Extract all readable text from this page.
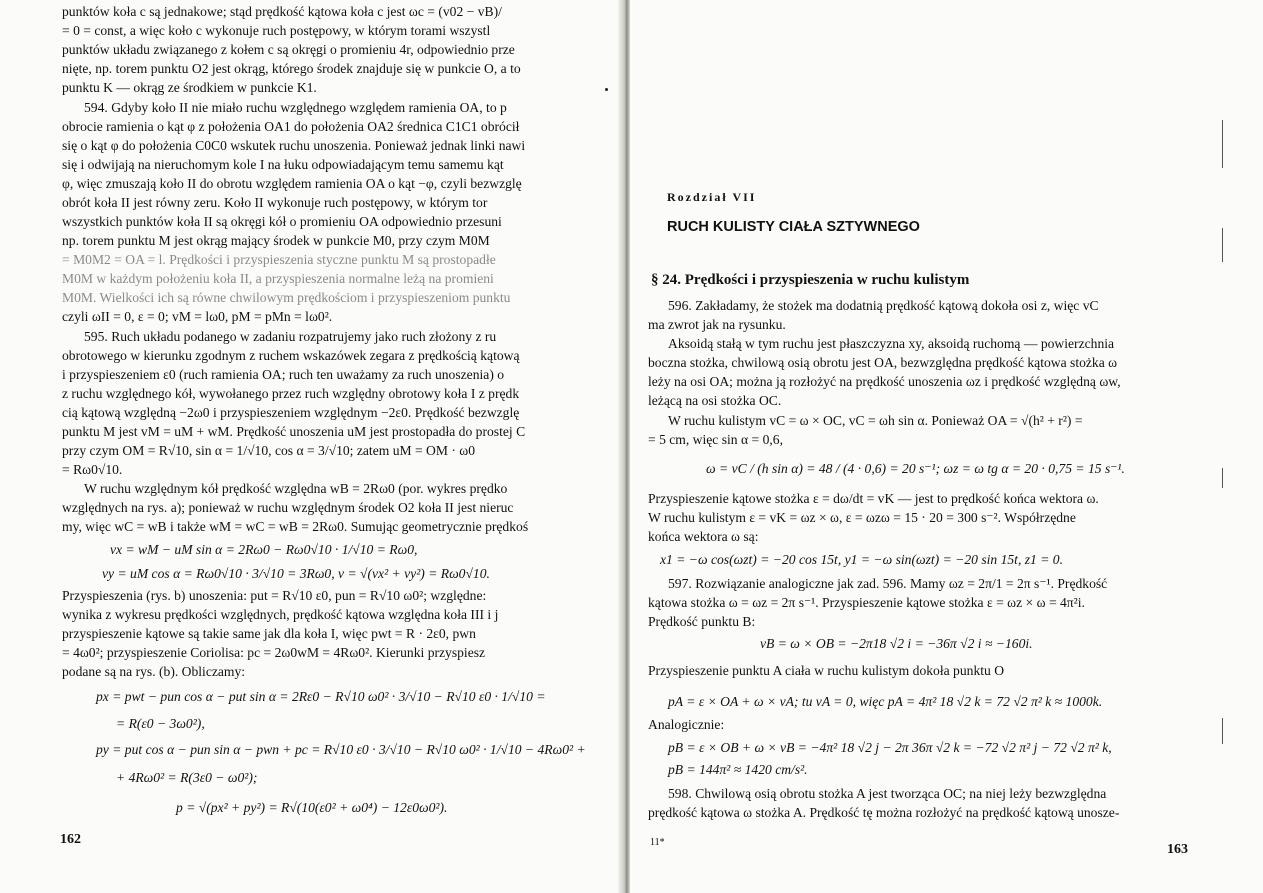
punktów koła c są jednakowe; stąd prędkość kątowa koła c jest ωc = (v02 − vB)/
= 0 = const, a więc koło c wykonuje ruch postępowy, w którym torami wszystl
punktów układu związanego z kołem c są okręgi o promieniu 4r, odpowiednio prze
nięte, np. torem punktu O2 jest okrąg, którego środek znajduje się w punkcie O, a to
punktu K — okrąg ze środkiem w punkcie K1.
594. Gdyby koło II nie miało ruchu względnego względem ramienia OA, to p
obrocie ramienia o kąt φ z położenia OA1 do położenia OA2 średnica C1C1 obrócił
się o kąt φ do położenia C0C0 wskutek ruchu unoszenia. Ponieważ jednak linki nawi
się i odwijają na nieruchomym kole I na łuku odpowiadającym temu samemu kąt
φ, więc zmuszają koło II do obrotu względem ramienia OA o kąt −φ, czyli bezwzglę
obrót koła II jest równy zeru. Koło II wykonuje ruch postępowy, w którym tor
wszystkich punktów koła II są okręgi kół o promieniu OA odpowiednio przesuni
np. torem punktu M jest okrąg mający środek w punkcie M0, przy czym M0M
= M0M2 = OA = l. Prędkości i przyspieszenia styczne punktu M są prostopadłe
M0M w każdym położeniu koła II, a przyspieszenia normalne leżą na promieni
M0M. Wielkości ich są równe chwilowym prędkościom i przyspieszeniom punktu
czyli ωII = 0, ε = 0; vM = lω0, pM = pMn = lω0².
595. Ruch układu podanego w zadaniu rozpatrujemy jako ruch złożony z ru
obrotowego w kierunku zgodnym z ruchem wskazówek zegara z prędkością kątową
i przyspieszeniem ε0 (ruch ramienia OA; ruch ten uważamy za ruch unoszenia) o
z ruchu względnego kół, wywołanego przez ruch względny obrotowy koła I z prędk
cią kątową względną −2ω0 i przyspieszeniem względnym −2ε0. Prędkość bezwzglę
punktu M jest vM = uM + wM. Prędkość unoszenia uM jest prostopadła do prostej C
przy czym OM = R√10, sin α = 1/√10, cos α = 3/√10; zatem uM = OM · ω0
= Rω0√10.
W ruchu względnym kół prędkość względna wB = 2Rω0 (por. wykres prędko
względnych na rys. a); ponieważ w ruchu względnym środek O2 koła II jest nieruc
my, więc wC = wB i także wM = wC = wB = 2Rω0. Sumując geometrycznie prędkoś
vx = wM − uM sin α = 2Rω0 − Rω0√10 · 1/√10 = Rω0,
vy = uM cos α = Rω0√10 · 3/√10 = 3Rω0, v = √(vx² + vy²) = Rω0√10.
Przyspieszenia (rys. b) unoszenia: put = R√10 ε0, pun = R√10 ω0²; względne:
wynika z wykresu prędkości względnych, prędkość kątowa względna koła III i j
przyspieszenie kątowe są takie same jak dla koła I, więc pwt = R · 2ε0, pwn
= 4ω0²; przyspieszenie Coriolisa: pc = 2ω0wM = 4Rω0². Kierunki przyspiesz
podane są na rys. (b). Obliczamy:
px = pwt − pun cos α − put sin α = 2Rε0 − R√10 ω0² · 3/√10 − R√10 ε0 · 1/√10 =
= R(ε0 − 3ω0²),
py = put cos α − pun sin α − pwn + pc = R√10 ε0 · 3/√10 − R√10 ω0² · 1/√10 − 4Rω0² +
+ 4Rω0² = R(3ε0 − ω0²);
p = √(px² + py²) = R√(10(ε0² + ω0⁴) − 12ε0ω0²).
162
Rozdział VII
RUCH KULISTY CIAŁA SZTYWNEGO
§ 24. Prędkości i przyspieszenia w ruchu kulistym
596. Zakładamy, że stożek ma dodatnią prędkość kątową dokoła osi z, więc vC
ma zwrot jak na rysunku.
Aksoidą stałą w tym ruchu jest płaszczyzna xy, aksoidą ruchomą — powierzchnia
boczna stożka, chwilową osią obrotu jest OA, bezwzględna prędkość kątowa stożka ω
leży na osi OA; można ją rozłożyć na prędkość unoszenia ωz i prędkość względną ωw,
leżącą na osi stożka OC.
W ruchu kulistym vC = ω × OC, vC = ωh sin α. Ponieważ OA = √(h² + r²) =
= 5 cm, więc sin α = 0,6,
ω = vC / (h sin α) = 48 / (4 · 0,6) = 20 s⁻¹; ωz = ω tg α = 20 · 0,75 = 15 s⁻¹.
Przyspieszenie kątowe stożka ε = dω/dt = vK — jest to prędkość końca wektora ω.
W ruchu kulistym ε = vK = ωz × ω, ε = ωzω = 15 · 20 = 300 s⁻². Współrzędne
końca wektora ω są:
x1 = −ω cos(ωzt) = −20 cos 15t, y1 = −ω sin(ωzt) = −20 sin 15t, z1 = 0.
597. Rozwiązanie analogiczne jak zad. 596. Mamy ωz = 2π/1 = 2π s⁻¹. Prędkość
kątowa stożka ω = ωz = 2π s⁻¹. Przyspieszenie kątowe stożka ε = ωz × ω = 4π²i.
Prędkość punktu B:
vB = ω × OB = −2π18 √2 i = −36π √2 i ≈ −160i.
Przyspieszenie punktu A ciała w ruchu kulistym dokoła punktu O
pA = ε × OA + ω × vA; tu vA = 0, więc pA = 4π² 18 √2 k = 72 √2 π² k ≈ 1000k.
Analogicznie:
pB = ε × OB + ω × vB = −4π² 18 √2 j − 2π 36π √2 k = −72 √2 π² j − 72 √2 π² k,
pB = 144π² ≈ 1420 cm/s².
598. Chwilową osią obrotu stożka A jest tworząca OC; na niej leży bezwzględna
prędkość kątowa ω stożka A. Prędkość tę można rozłożyć na prędkość kątową unosze-
11*	163
